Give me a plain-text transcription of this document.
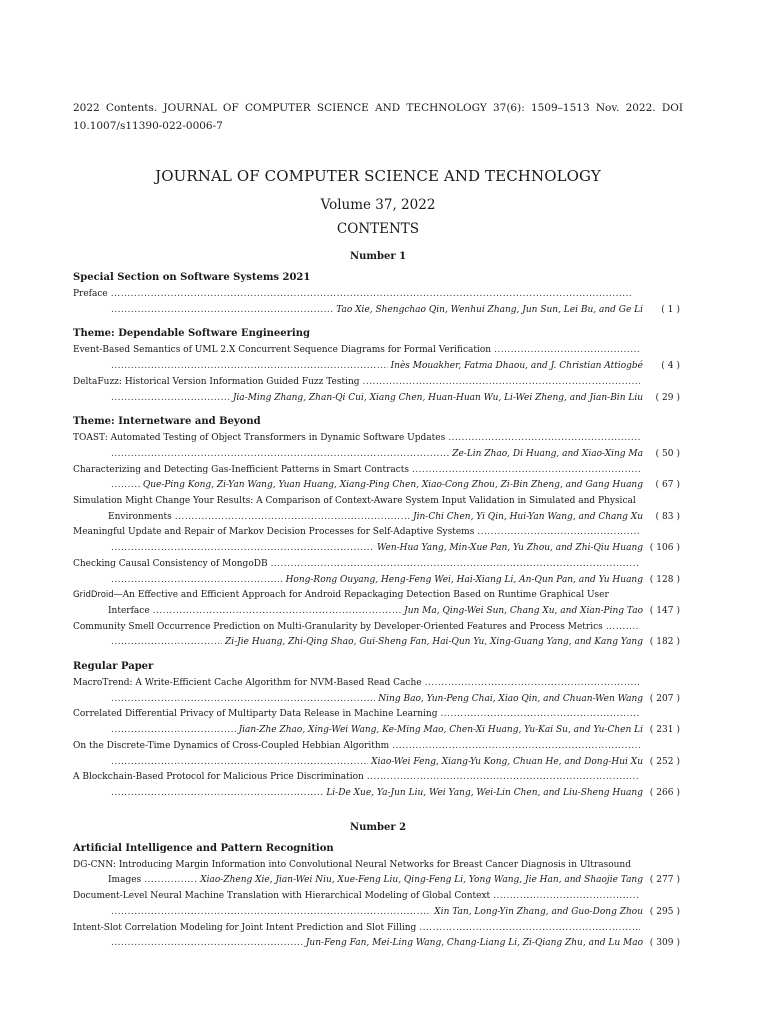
2022 Contents. JOURNAL OF COMPUTER SCIENCE AND TECHNOLOGY 37(6): 1509–1513 Nov. 2022. DOI
10.1007/s11390-022-0006-7
JOURNAL OF COMPUTER SCIENCE AND TECHNOLOGY
Volume 37, 2022
CONTENTS
Number 1
Special Section on Software Systems 2021
Preface
. . .
. . .
Tao Xie, Shengchao Qin, Wenhui Zhang, Jun Sun, Lei Bu, and Ge Li	( 1 )
Theme: Dependable Software Engineering
Event-Based Semantics of UML 2.X Concurrent Sequence Diagrams for Formal Verification
. . .
. . .
Inès Mouakher, Fatma Dhaou, and J. Christian Attiogbé	( 4 )
DeltaFuzz: Historical Version Information Guided Fuzz Testing
. . .
. . .
Jia-Ming Zhang, Zhan-Qi Cui, Xiang Chen, Huan-Huan Wu, Li-Wei Zheng, and Jian-Bin Liu	( 29 )
Theme: Internetware and Beyond
TOAST: Automated Testing of Object Transformers in Dynamic Software Updates
. . .
. . .
Ze-Lin Zhao, Di Huang, and Xiao-Xing Ma	( 50 )
Characterizing and Detecting Gas-Inefficient Patterns in Smart Contracts
. . .
. . .
Que-Ping Kong, Zi-Yan Wang, Yuan Huang, Xiang-Ping Chen, Xiao-Cong Zhou, Zi-Bin Zheng, and Gang Huang	( 67 )
Simulation Might Change Your Results: A Comparison of Context-Aware System Input Validation in Simulated and Physical
Environments . . .	Jin-Chi Chen, Yi Qin, Hui-Yan Wang, and Chang Xu	( 83 )
Meaningful Update and Repair of Markov Decision Processes for Self-Adaptive Systems
. . .
. . .
Wen-Hua Yang, Min-Xue Pan, Yu Zhou, and Zhi-Qiu Huang ( 106 )
Checking Causal Consistency of MongoDB
. . .
. . .
Hong-Rong Ouyang, Heng-Feng Wei, Hai-Xiang Li, An-Qun Pan, and Yu Huang ( 128 )
GridDroid —An Effective and Efficient Approach for Android Repackaging Detection Based on Runtime Graphical User
Interface . . .	Jun Ma, Qing-Wei Sun, Chang Xu, and Xian-Ping Tao ( 147 )
Community Smell Occurrence Prediction on Multi-Granularity by Developer-Oriented Features and Process Metrics
. . .
. . .
Zi-Jie Huang, Zhi-Qing Shao, Gui-Sheng Fan, Hai-Qun Yu, Xing-Guang Yang, and Kang Yang ( 182 )
Regular Paper
MacroTrend: A Write-Efficient Cache Algorithm for NVM-Based Read Cache
. . .
. . .
Ning Bao, Yun-Peng Chai, Xiao Qin, and Chuan-Wen Wang ( 207 )
Correlated Differential Privacy of Multiparty Data Release in Machine Learning
. . .
. . .
Jian-Zhe Zhao, Xing-Wei Wang, Ke-Ming Mao, Chen-Xi Huang, Yu-Kai Su, and Yu-Chen Li ( 231 )
On the Discrete-Time Dynamics of Cross-Coupled Hebbian Algorithm
. . .
. . .
Xiao-Wei Feng, Xiang-Yu Kong, Chuan He, and Dong-Hui Xu ( 252 )
A Blockchain-Based Protocol for Malicious Price Discrimination
. . .
. . .
Li-De Xue, Ya-Jun Liu, Wei Yang, Wei-Lin Chen, and Liu-Sheng Huang ( 266 )
Number 2
Artificial Intelligence and Pattern Recognition
DG-CNN: Introducing Margin Information into Convolutional Neural Networks for Breast Cancer Diagnosis in Ultrasound
Images . . .	Xiao-Zheng Xie, Jian-Wei Niu, Xue-Feng Liu, Qing-Feng Li, Yong Wang, Jie Han, and Shaojie Tang ( 277 )
Document-Level Neural Machine Translation with Hierarchical Modeling of Global Context
. . .
. . .
Xin Tan, Long-Yin Zhang, and Guo-Dong Zhou ( 295 )
Intent-Slot Correlation Modeling for Joint Intent Prediction and Slot Filling
. . .
. . .
Jun-Feng Fan, Mei-Ling Wang, Chang-Liang Li, Zi-Qiang Zhu, and Lu Mao ( 309 )
